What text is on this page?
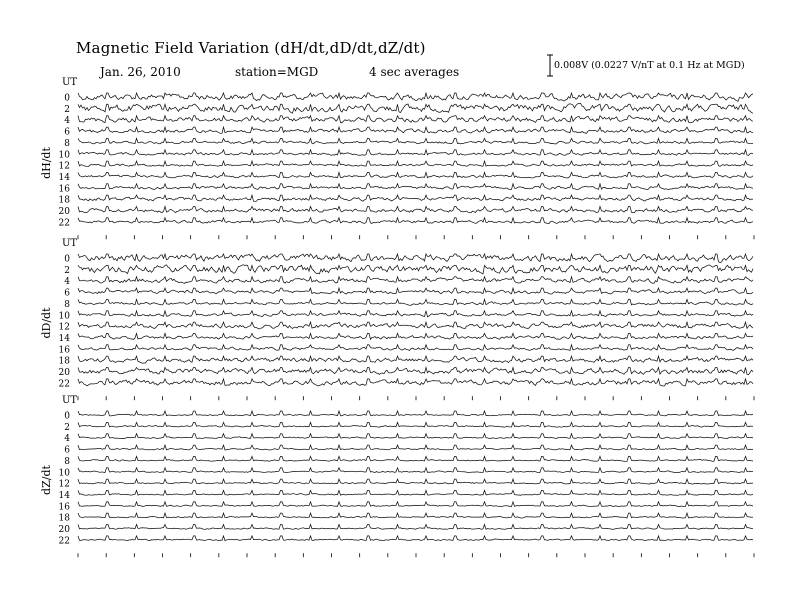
Magnetic Field Variation (dH/dt,dD/dt,dZ/dt)
Jan. 26, 2010	station=MGD	4 sec averages	0.008V (0.0227 V/nT at 0.1 Hz at MGD)
UT
dH/dt
0
2
4
6
8
10
12
14
16
18
20
22
UT
dD/dt
0
2
4
6
8
10
12
14
16
18
20
22
UT
dZ/dt
0
2
4
6
8
10
12
14
16
18
20
22
